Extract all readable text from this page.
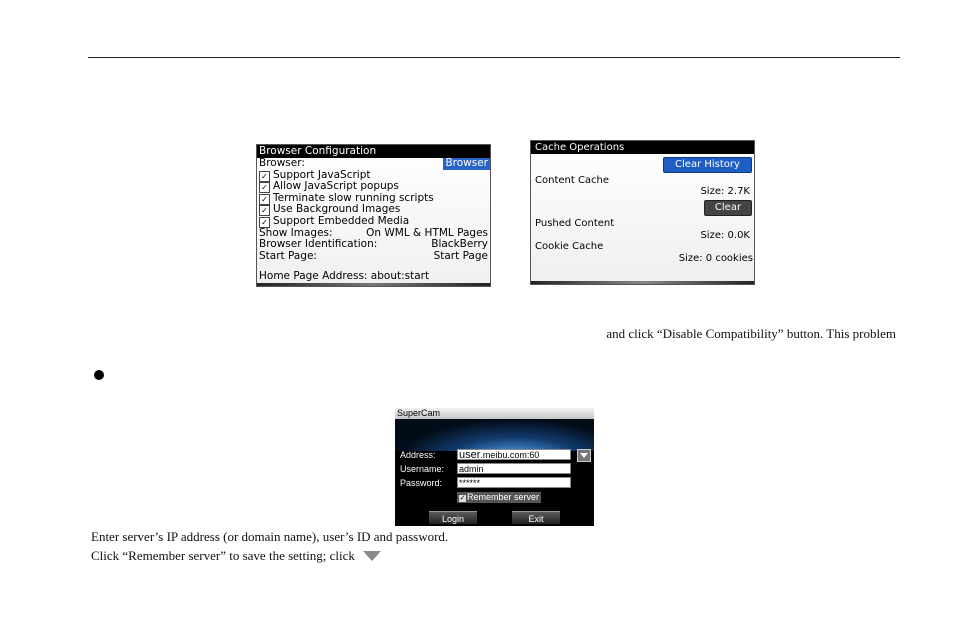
Browser Configuration
Browser:	Browser
✓ Support JavaScript
✓ Allow JavaScript popups
✓ Terminate slow running scripts
✓ Use Background Images
✓ Support Embedded Media
Show Images:	On WML & HTML Pages
Browser Identification:	BlackBerry
Start Page:	Start Page
Home Page Address: about:start
Cache Operations
Clear History
Content Cache
Size: 2.7K
Clear
Pushed Content
Size: 0.0K
Cookie Cache
Size: 0 cookies
and click “Disable Compatibility” button. This problem
SuperCam
Address: user.meibu.com:60
Username: admin
Password: ******
✓ Remember server
Login	Exit
Enter server’s IP address (or domain name), user’s ID and password.
Click “Remember server” to save the setting; click
